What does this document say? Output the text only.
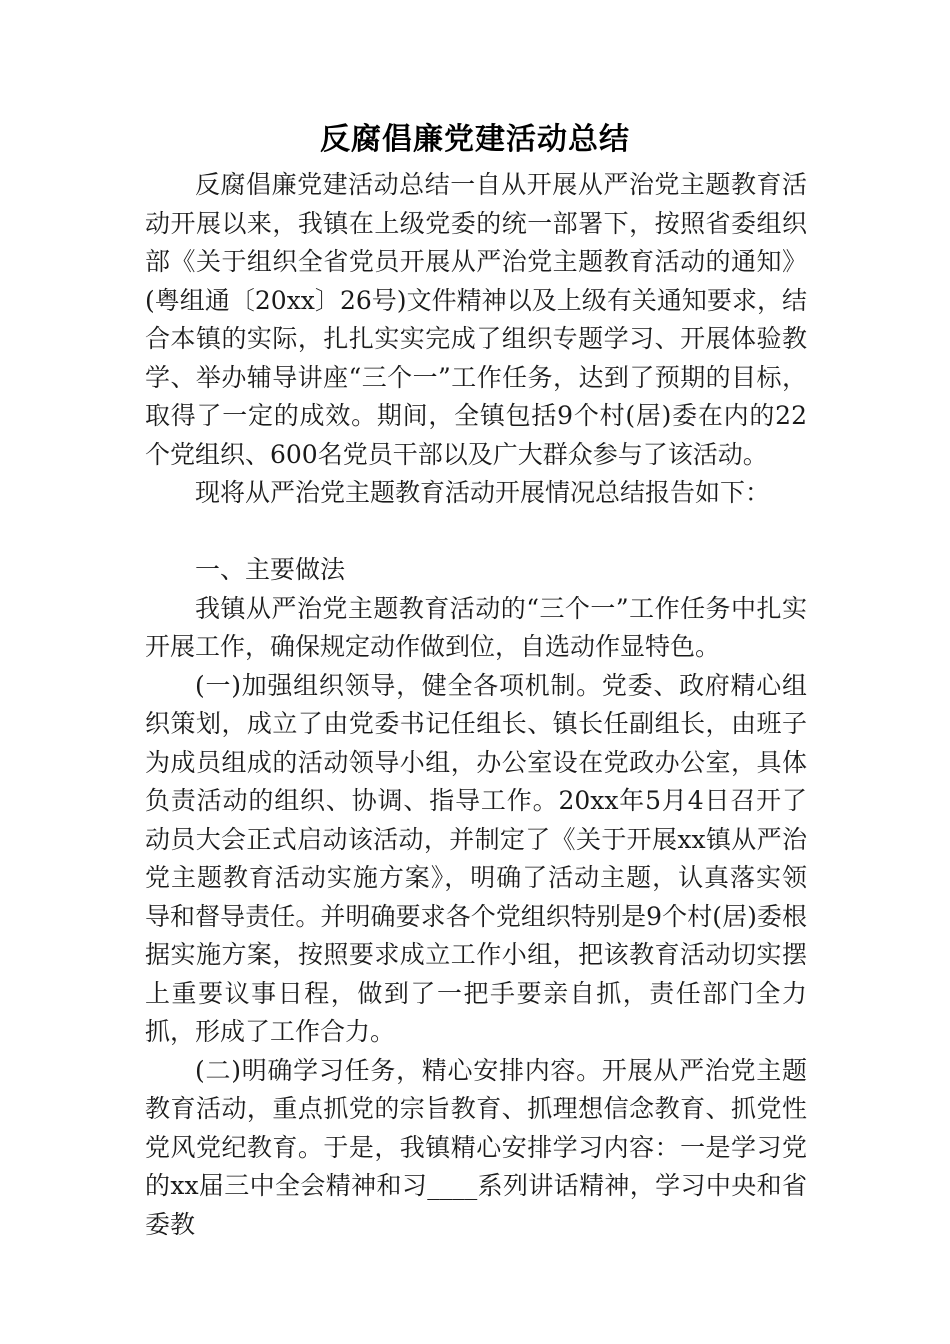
反腐倡廉党建活动总结

反腐倡廉党建活动总结一自从开展从严治党主题教育活动开展以来，我镇在上级党委的统一部署下，按照省委组织部《关于组织全省党员开展从严治党主题教育活动的通知》(粤组通〔20xx〕26号)文件精神以及上级有关通知要求，结合本镇的实际，扎扎实实完成了组织专题学习、开展体验教学、举办辅导讲座“三个一”工作任务，达到了预期的目标，取得了一定的成效。期间，全镇包括9个村(居)委在内的22个党组织、600名党员干部以及广大群众参与了该活动。

现将从严治党主题教育活动开展情况总结报告如下：

一、主要做法

我镇从严治党主题教育活动的“三个一”工作任务中扎实开展工作，确保规定动作做到位，自选动作显特色。

(一)加强组织领导，健全各项机制。党委、政府精心组织策划，成立了由党委书记任组长、镇长任副组长，由班子为成员组成的活动领导小组，办公室设在党政办公室，具体负责活动的组织、协调、指导工作。20xx年5月4日召开了动员大会正式启动该活动，并制定了《关于开展xx镇从严治党主题教育活动实施方案》，明确了活动主题，认真落实领导和督导责任。并明确要求各个党组织特别是9个村(居)委根据实施方案，按照要求成立工作小组，把该教育活动切实摆上重要议事日程，做到了一把手要亲自抓，责任部门全力抓，形成了工作合力。

(二)明确学习任务，精心安排内容。开展从严治党主题教育活动，重点抓党的宗旨教育、抓理想信念教育、抓党性党风党纪教育。于是，我镇精心安排学习内容：一是学习党的xx届三中全会精神和习____系列讲话精神，学习中央和省委教
